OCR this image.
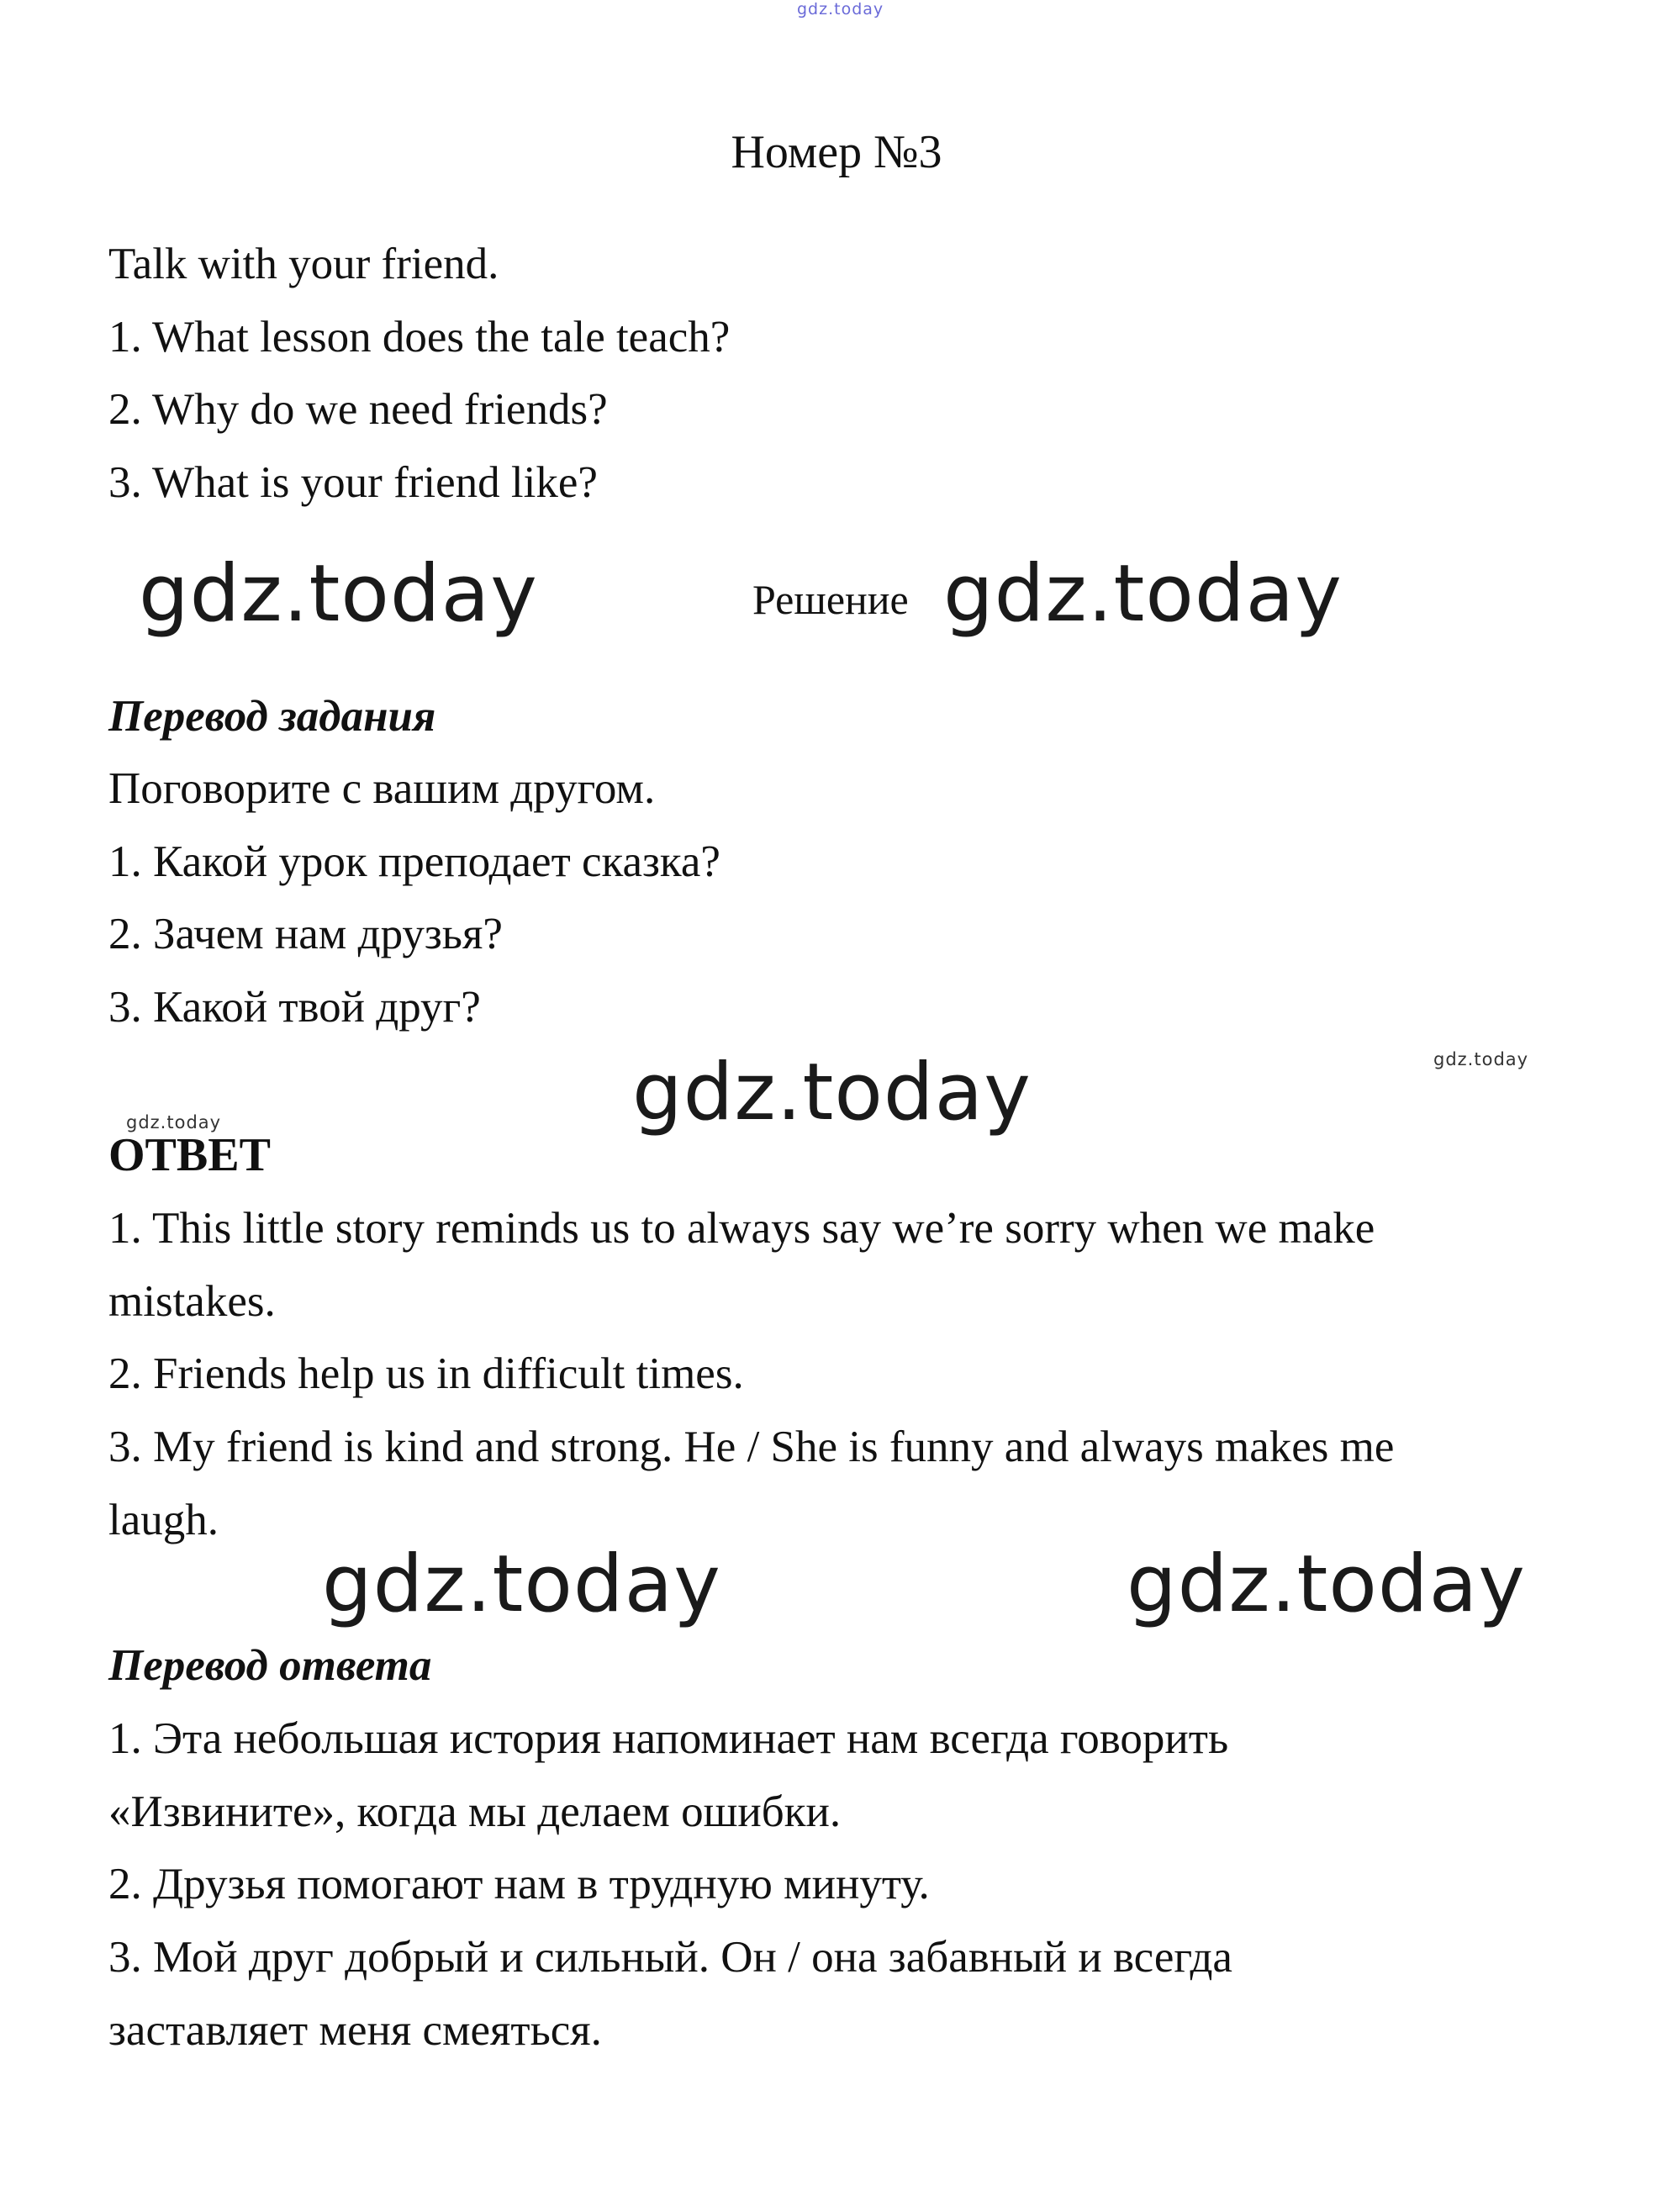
gdz.today
Номер №3
Talk with your friend.
1. What lesson does the tale teach?
2. Why do we need friends?
3. What is your friend like?
gdz.today	Решение gdz.today
Перевод задания
Поговорите с вашим другом.
1. Какой урок преподает сказка?
2. Зачем нам друзья?
3. Какой твой друг?
gdz.today
gdz.today
gdz.today
ОТВЕТ
1. This little story reminds us to always say we’re sorry when we make
mistakes.
2. Friends help us in difficult times.
3. My friend is kind and strong. He / She is funny and always makes me
laugh.
gdz.today	gdz.today
Перевод ответа
1. Эта небольшая история напоминает нам всегда говорить
«Извините», когда мы делаем ошибки.
2. Друзья помогают нам в трудную минуту.
3. Мой друг добрый и сильный. Он / она забавный и всегда
заставляет меня смеяться.
